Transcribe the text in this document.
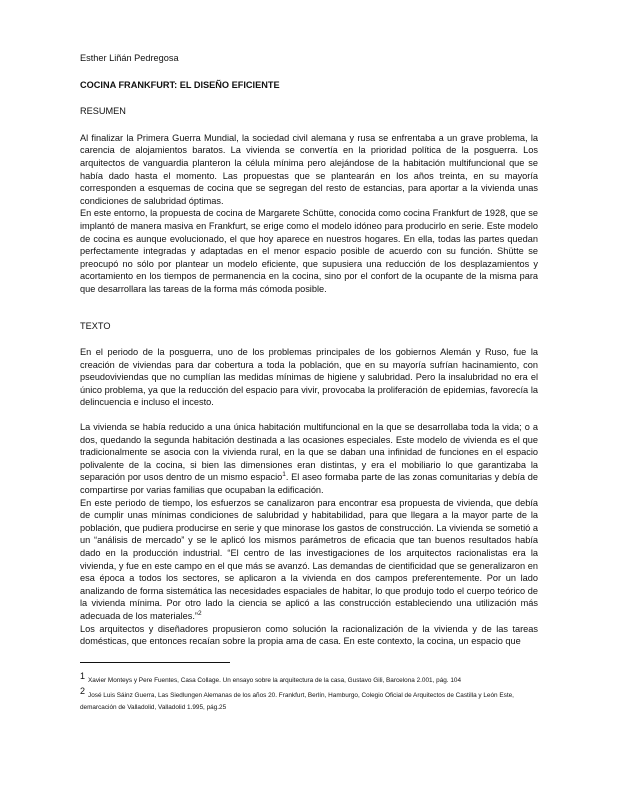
Esther Liñán Pedregosa

COCINA FRANKFURT: EL DISEÑO EFICIENTE

RESUMEN

Al finalizar la Primera Guerra Mundial, la sociedad civil alemana y rusa se enfrentaba a un grave problema, la carencia de alojamientos baratos. La vivienda se convertía en la prioridad política de la posguerra. Los arquitectos de vanguardia planteron la célula mínima pero alejándose de la habitación multifuncional que se había dado hasta el momento. Las propuestas que se plantearán en los años treinta, en su mayoría corresponden a esquemas de cocina que se segregan del resto de estancias, para aportar a la vivienda unas condiciones de salubridad óptimas.

En este entorno, la propuesta de cocina de Margarete Schütte, conocida como cocina Frankfurt de 1928, que se implantó de manera masiva en Frankfurt, se erige como el modelo idóneo para producirlo en serie. Este modelo de cocina es aunque evolucionado, el que hoy aparece en nuestros hogares. En ella, todas las partes quedan perfectamente integradas y adaptadas en el menor espacio posible de acuerdo con su función. Shütte se preocupó no sólo por plantear un modelo eficiente, que supusiera una reducción de los desplazamientos y acortamiento en los tiempos de permanencia en la cocina, sino por el confort de la ocupante de la misma para que desarrollara las tareas de la forma más cómoda posible.

TEXTO

En el periodo de la posguerra, uno de los problemas principales de los gobiernos Alemán y Ruso, fue la creación de viviendas para dar cobertura a toda la población, que en su mayoría sufrían hacinamiento, con pseudoviviendas que no cumplían las medidas mínimas de higiene y salubridad. Pero la insalubridad no era el único problema, ya que la reducción del espacio para vivir, provocaba la proliferación de epidemias, favorecía la delincuencia e incluso el incesto.

La vivienda se había reducido a una única habitación multifuncional en la que se desarrollaba toda la vida; o a dos, quedando la segunda habitación destinada a las ocasiones especiales. Este modelo de vivienda es el que tradicionalmente se asocia con la vivienda rural, en la que se daban una infinidad de funciones en el espacio polivalente de la cocina, si bien las dimensiones eran distintas, y era el mobiliario lo que garantizaba la separación por usos dentro de un mismo espacio$^1$. El aseo formaba parte de las zonas comunitarias y debía de compartirse por varias familias que ocupaban la edificación.

En este periodo de tiempo, los esfuerzos se canalizaron para encontrar esa propuesta de vivienda, que debía de cumplir unas mínimas condiciones de salubridad y habitabilidad, para que llegara a la mayor parte de la población, que pudiera producirse en serie y que minorase los gastos de construcción. La vivienda se sometió a un “análisis de mercado” y se le aplicó los mismos parámetros de eficacia que tan buenos resultados había dado en la producción industrial. “El centro de las investigaciones de los arquitectos racionalistas era la vivienda, y fue en este campo en el que más se avanzó. Las demandas de cientificidad que se generalizaron en esa época a todos los sectores, se aplicaron a la vivienda en dos campos preferentemente. Por un lado analizando de forma sistemática las necesidades espaciales de habitar, lo que produjo todo el cuerpo teórico de la vivienda mínima. Por otro lado la ciencia se aplicó a las construcción estableciendo una utilización más adecuada de los materiales.”$^2$

Los arquitectos y diseñadores propusieron como solución la racionalización de la vivienda y de las tareas domésticas, que entonces recaían sobre la propia ama de casa. En este contexto, la cocina, un espacio que

1 Xavier Monteys y Pere Fuentes, Casa Collage. Un ensayo sobre la arquitectura de la casa, Gustavo Gili, Barcelona 2.001, pág. 104

2 José Luis Sáinz Guerra, Las Siedlungen Alemanas de los años 20. Frankfurt, Berlín, Hamburgo, Colegio Oficial de Arquitectos de Castilla y León Este, demarcación de Valladolid, Valladolid 1.995, pág.25
